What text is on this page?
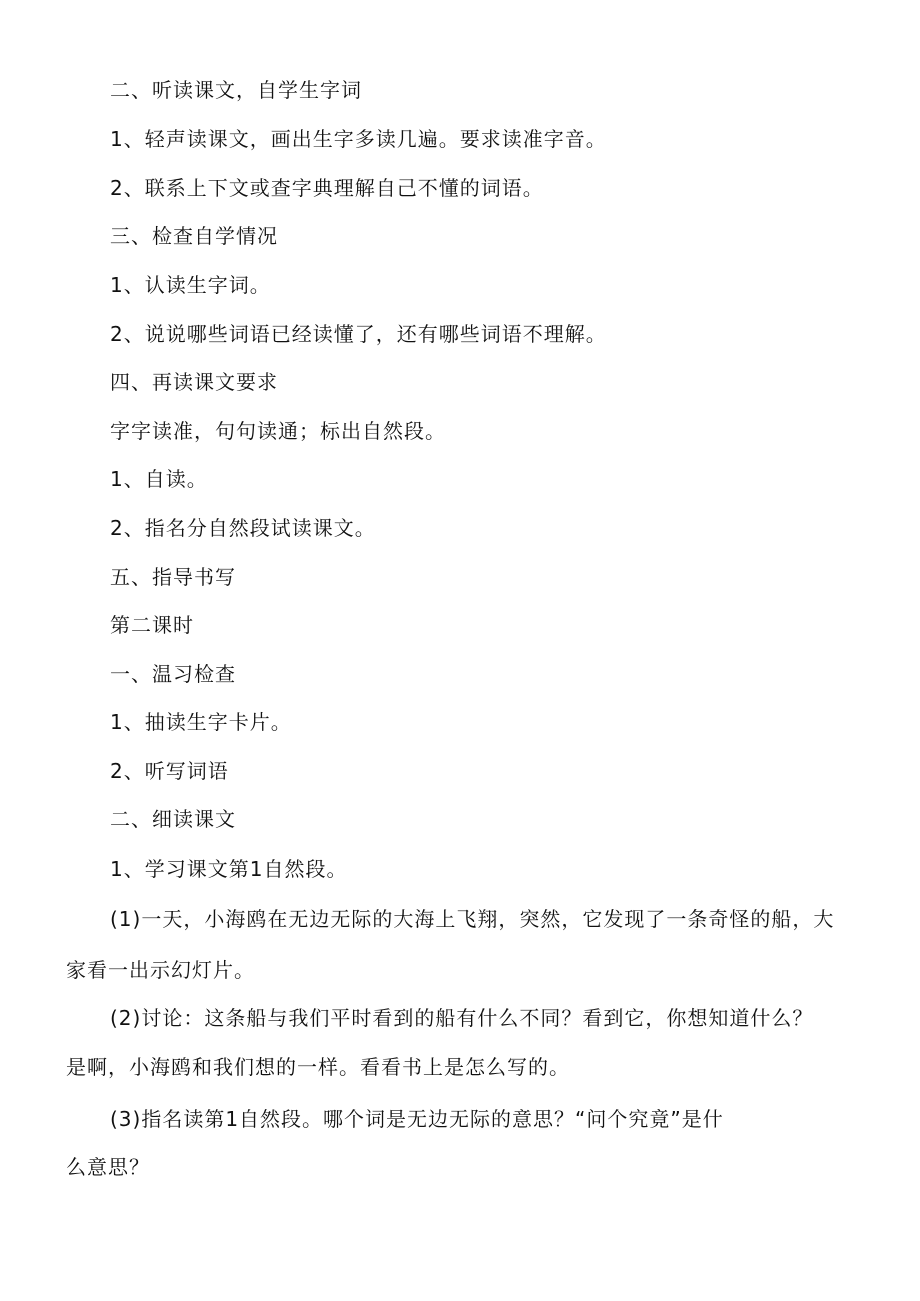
二、听读课文，自学生字词
1、轻声读课文，画出生字多读几遍。要求读准字音。
2、联系上下文或查字典理解自己不懂的词语。
三、检查自学情况
1、认读生字词。
2、说说哪些词语已经读懂了，还有哪些词语不理解。
四、再读课文要求
字字读准，句句读通；标出自然段。
1、自读。
2、指名分自然段试读课文。
五、指导书写
第二课时
一、温习检查
1、抽读生字卡片。
2、听写词语
二、细读课文
1、学习课文第1自然段。
(1)一天，小海鸥在无边无际的大海上飞翔，突然，它发现了一条奇怪的船，大
家看一出示幻灯片。
(2)讨论：这条船与我们平时看到的船有什么不同？看到它，你想知道什么？
是啊，小海鸥和我们想的一样。看看书上是怎么写的。
(3)指名读第1自然段。哪个词是无边无际的意思？“问个究竟”是什
么意思？
